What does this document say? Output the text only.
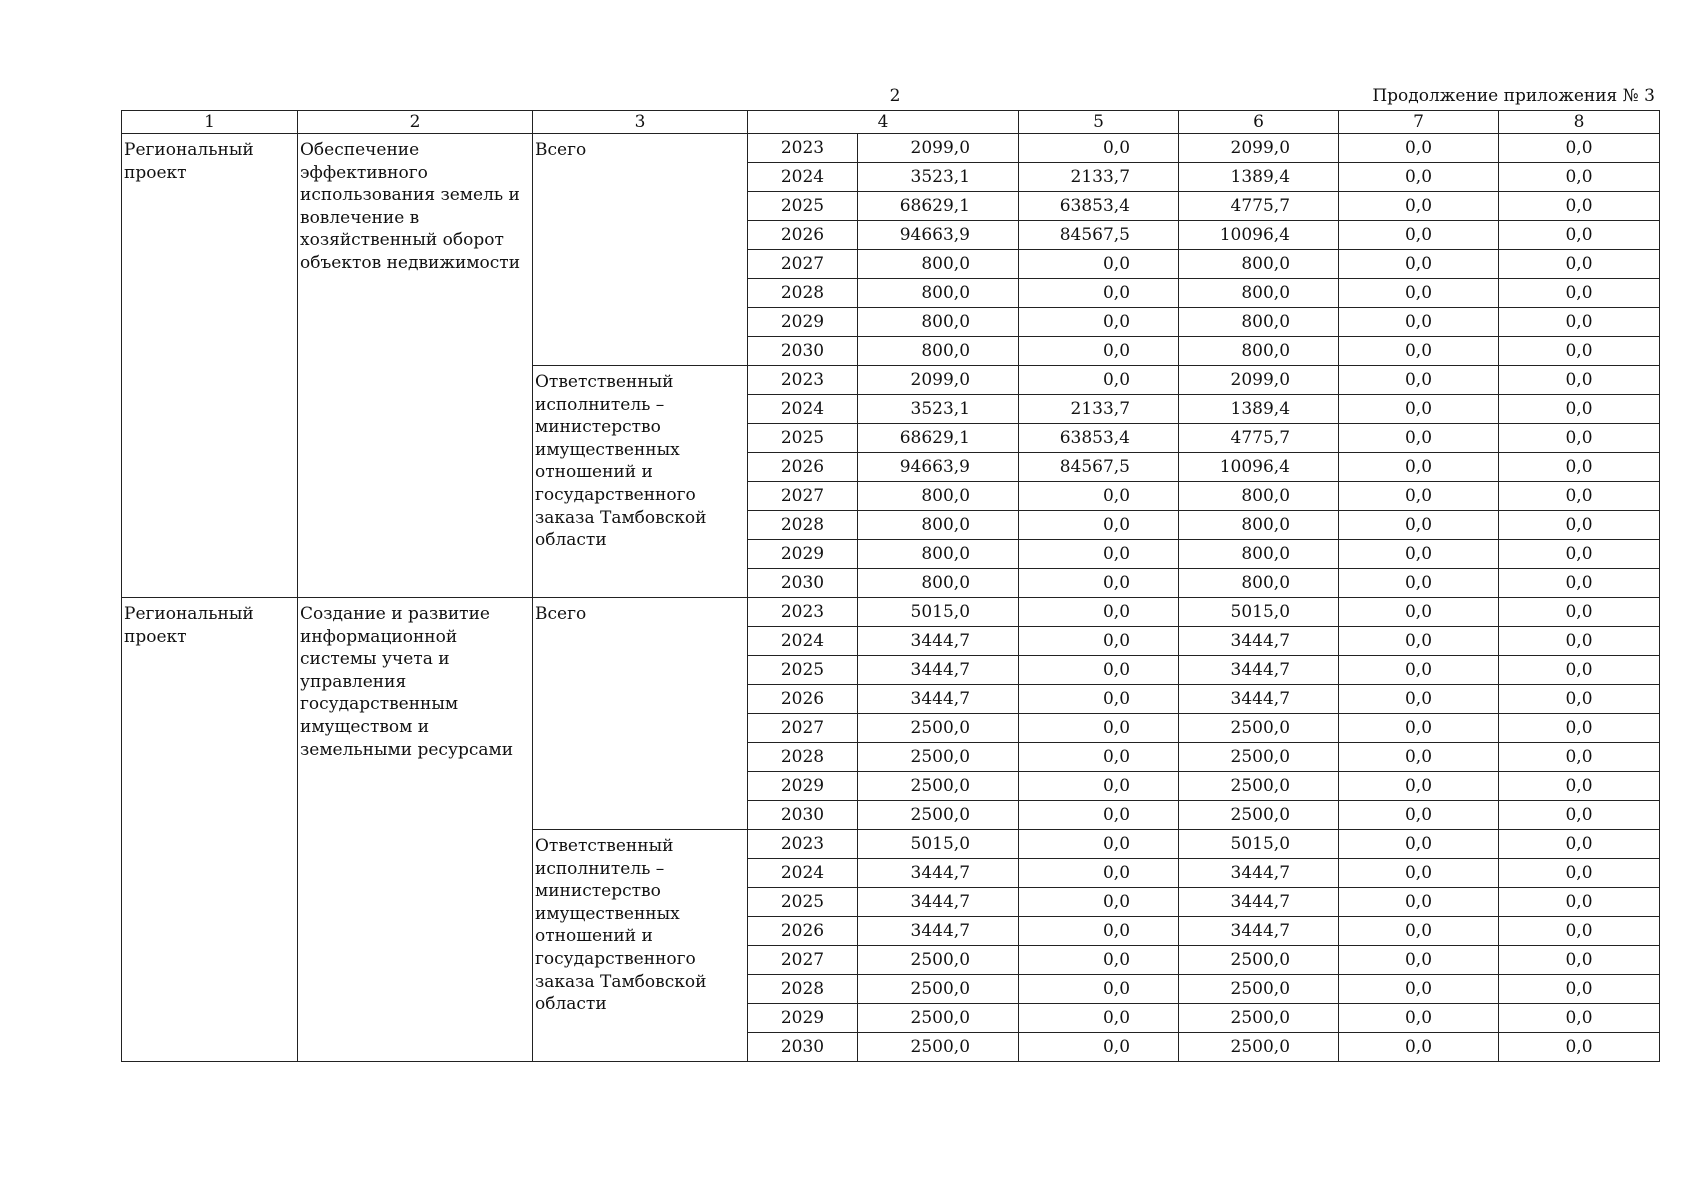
2	Продолжение приложения № 3
1	2	3	4		5	6	7	8
Региональный проект	Обеспечение эффективного использования земель и вовлечение в хозяйственный оборот объектов недвижимости	Всего	2023	2099,0	0,0	2099,0	0,0	0,0
			2024	3523,1	2133,7	1389,4	0,0	0,0
			2025	68629,1	63853,4	4775,7	0,0	0,0
			2026	94663,9	84567,5	10096,4	0,0	0,0
			2027	800,0	0,0	800,0	0,0	0,0
			2028	800,0	0,0	800,0	0,0	0,0
			2029	800,0	0,0	800,0	0,0	0,0
			2030	800,0	0,0	800,0	0,0	0,0
		Ответственный исполнитель – министерство имущественных отношений и государственного заказа Тамбовской области	2023	2099,0	0,0	2099,0	0,0	0,0
			2024	3523,1	2133,7	1389,4	0,0	0,0
			2025	68629,1	63853,4	4775,7	0,0	0,0
			2026	94663,9	84567,5	10096,4	0,0	0,0
			2027	800,0	0,0	800,0	0,0	0,0
			2028	800,0	0,0	800,0	0,0	0,0
			2029	800,0	0,0	800,0	0,0	0,0
			2030	800,0	0,0	800,0	0,0	0,0
Региональный проект	Создание и развитие информационной системы учета и управления государственным имуществом и земельными ресурсами	Всего	2023	5015,0	0,0	5015,0	0,0	0,0
			2024	3444,7	0,0	3444,7	0,0	0,0
			2025	3444,7	0,0	3444,7	0,0	0,0
			2026	3444,7	0,0	3444,7	0,0	0,0
			2027	2500,0	0,0	2500,0	0,0	0,0
			2028	2500,0	0,0	2500,0	0,0	0,0
			2029	2500,0	0,0	2500,0	0,0	0,0
			2030	2500,0	0,0	2500,0	0,0	0,0
		Ответственный исполнитель – министерство имущественных отношений и государственного заказа Тамбовской области	2023	5015,0	0,0	5015,0	0,0	0,0
			2024	3444,7	0,0	3444,7	0,0	0,0
			2025	3444,7	0,0	3444,7	0,0	0,0
			2026	3444,7	0,0	3444,7	0,0	0,0
			2027	2500,0	0,0	2500,0	0,0	0,0
			2028	2500,0	0,0	2500,0	0,0	0,0
			2029	2500,0	0,0	2500,0	0,0	0,0
			2030	2500,0	0,0	2500,0	0,0	0,0
